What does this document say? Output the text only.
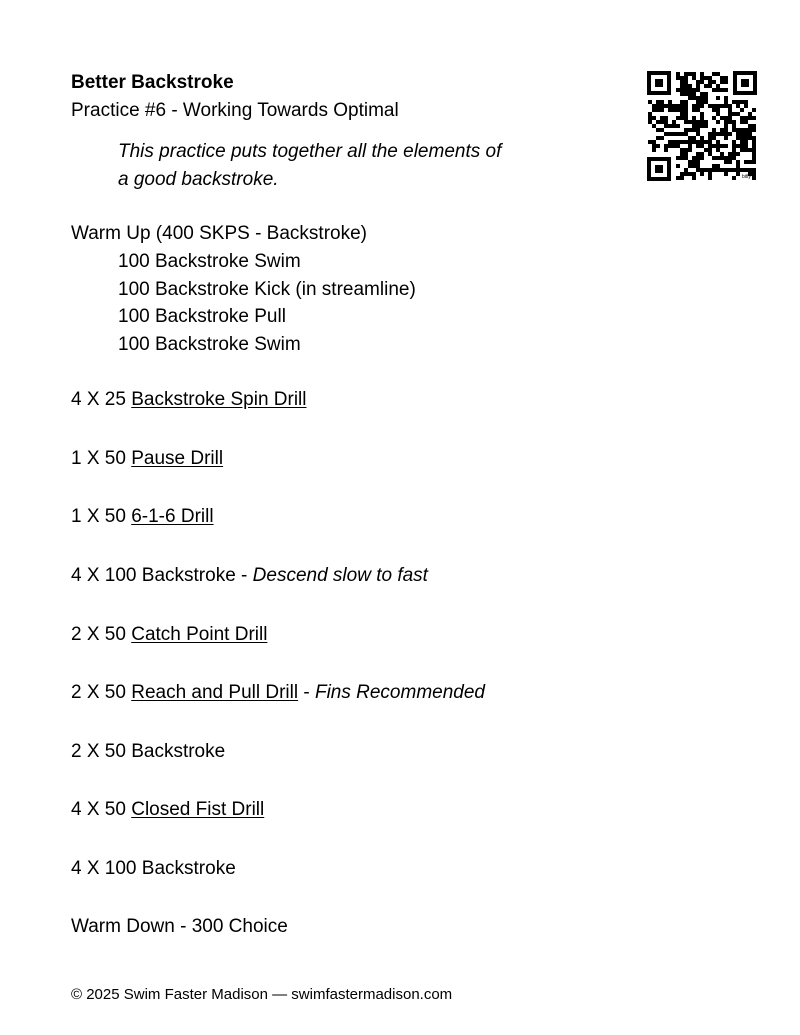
Better Backstroke
Practice #6 - Working Towards Optimal
This practice puts together all the elements of
a good backstroke.	bitly
Warm Up (400 SKPS - Backstroke)
100 Backstroke Swim
100 Backstroke Kick (in streamline)
100 Backstroke Pull
100 Backstroke Swim
4 X 25 Backstroke Spin Drill
1 X 50 Pause Drill
1 X 50 6-1-6 Drill
4 X 100 Backstroke - Descend slow to fast
2 X 50 Catch Point Drill
2 X 50 Reach and Pull Drill - Fins Recommended
2 X 50 Backstroke
4 X 50 Closed Fist Drill
4 X 100 Backstroke
Warm Down - 300 Choice
© 2025 Swim Faster Madison — swimfastermadison.com
